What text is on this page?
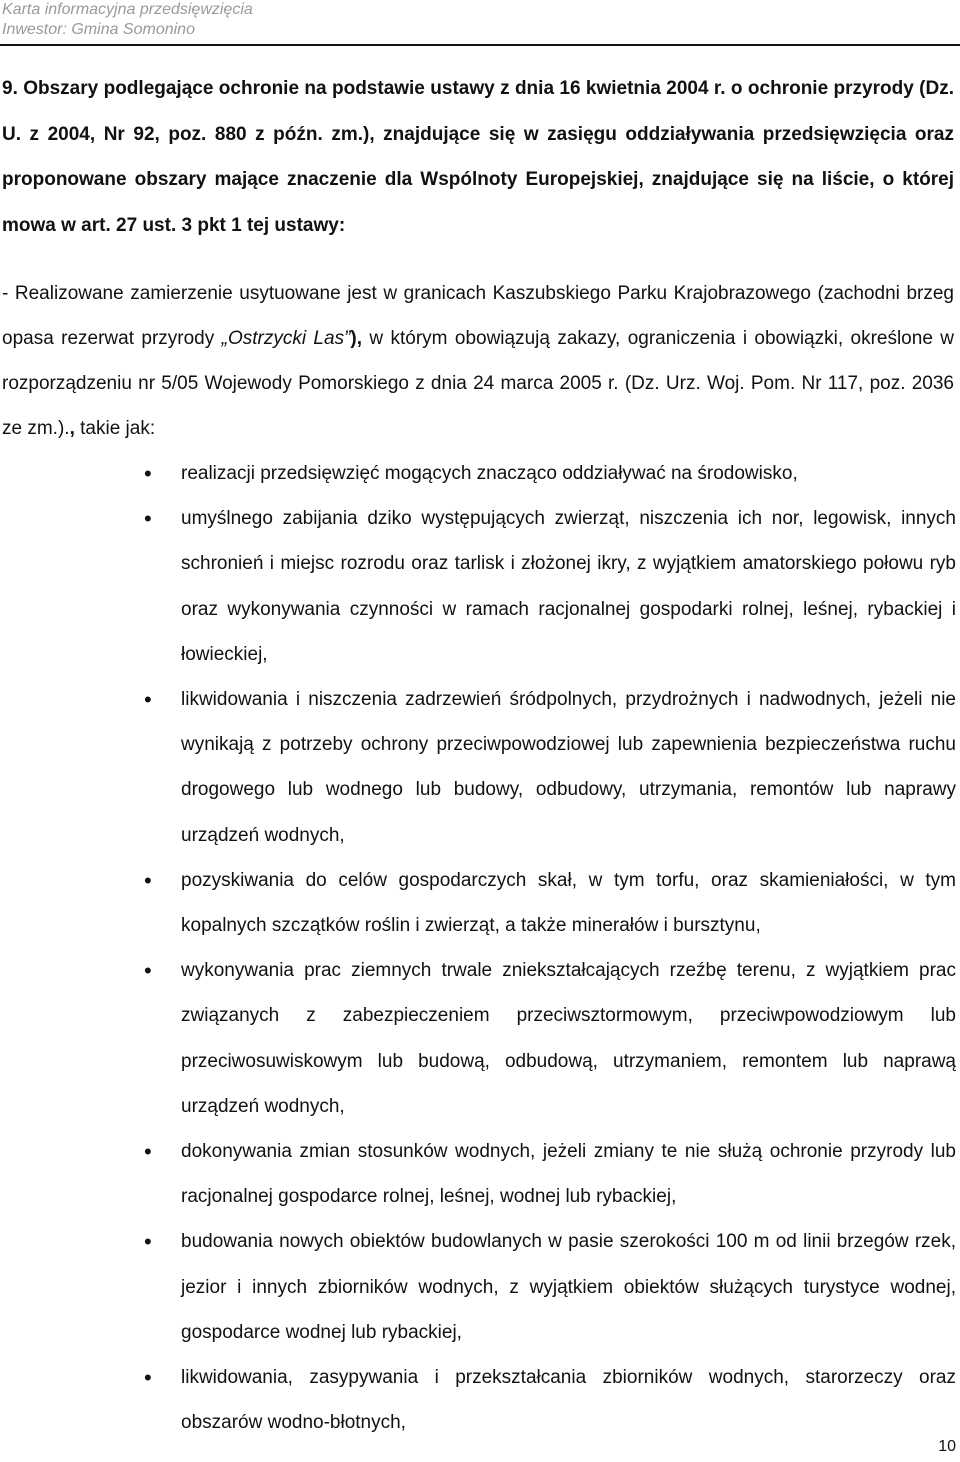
Karta informacyjna przedsięwzięcia
Inwestor: Gmina Somonino
9. Obszary podlegające ochronie na podstawie ustawy z dnia 16 kwietnia 2004 r. o ochronie przyrody (Dz. U. z 2004, Nr 92, poz. 880 z późn. zm.), znajdujące się w zasięgu oddziaływania przedsięwzięcia oraz proponowane obszary mające znaczenie dla Wspólnoty Europejskiej, znajdujące się na liście, o której mowa w art. 27 ust. 3 pkt 1 tej ustawy:
- Realizowane zamierzenie usytuowane jest w granicach Kaszubskiego Parku Krajobrazowego (zachodni brzeg opasa rezerwat przyrody „Ostrzycki Las”), w którym obowiązują zakazy, ograniczenia i obowiązki, określone w rozporządzeniu nr 5/05 Wojewody Pomorskiego z dnia 24 marca 2005 r. (Dz. Urz. Woj. Pom. Nr 117, poz. 2036 ze zm.)., takie jak:
• realizacji przedsięwzięć mogących znacząco oddziaływać na środowisko,
• umyślnego zabijania dziko występujących zwierząt, niszczenia ich nor, legowisk, innych schronień i miejsc rozrodu oraz tarlisk i złożonej ikry, z wyjątkiem amatorskiego połowu ryb oraz wykonywania czynności w ramach racjonalnej gospodarki rolnej, leśnej, rybackiej i łowieckiej,
• likwidowania i niszczenia zadrzewień śródpolnych, przydrożnych i nadwodnych, jeżeli nie wynikają z potrzeby ochrony przeciwpowodziowej lub zapewnienia bezpieczeństwa ruchu drogowego lub wodnego lub budowy, odbudowy, utrzymania, remontów lub naprawy urządzeń wodnych,
• pozyskiwania do celów gospodarczych skał, w tym torfu, oraz skamieniałości, w tym kopalnych szczątków roślin i zwierząt, a także minerałów i bursztynu,
• wykonywania prac ziemnych trwale zniekształcających rzeźbę terenu, z wyjątkiem prac związanych z zabezpieczeniem przeciwsztormowym, przeciwpowodziowym lub przeciwosuwiskowym lub budową, odbudową, utrzymaniem, remontem lub naprawą urządzeń wodnych,
• dokonywania zmian stosunków wodnych, jeżeli zmiany te nie służą ochronie przyrody lub racjonalnej gospodarce rolnej, leśnej, wodnej lub rybackiej,
• budowania nowych obiektów budowlanych w pasie szerokości 100 m od linii brzegów rzek, jezior i innych zbiorników wodnych, z wyjątkiem obiektów służących turystyce wodnej, gospodarce wodnej lub rybackiej,
• likwidowania, zasypywania i przekształcania zbiorników wodnych, starorzeczy oraz obszarów wodno-błotnych,
10
